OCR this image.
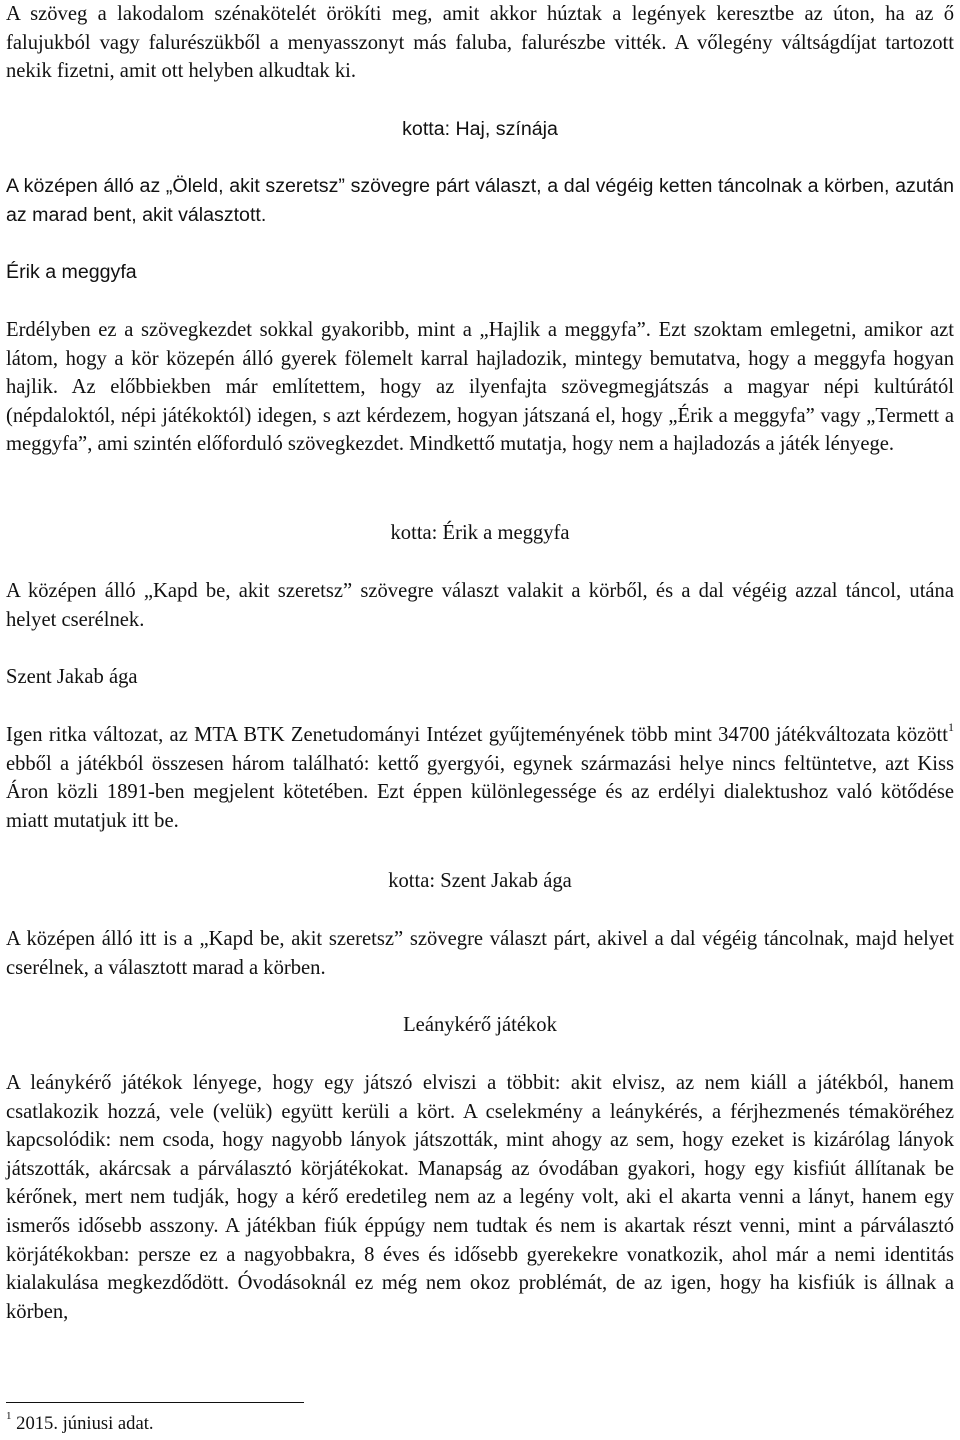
A szöveg a lakodalom szénakötelét örökíti meg, amit akkor húztak a legények keresztbe az úton, ha az ő falujukból vagy falurészükből a menyasszonyt más faluba, falurészbe vitték. A vőlegény váltságdíjat tartozott nekik fizetni, amit ott helyben alkudtak ki.

kotta: Haj, színája

A középen álló az „Öleld, akit szeretsz” szövegre párt választ, a dal végéig ketten táncolnak a körben, azután az marad bent, akit választott.

Érik a meggyfa

Erdélyben ez a szövegkezdet sokkal gyakoribb, mint a „Hajlik a meggyfa”. Ezt szoktam emlegetni, amikor azt látom, hogy a kör közepén álló gyerek fölemelt karral hajladozik, mintegy bemutatva, hogy a meggyfa hogyan hajlik. Az előbbiekben már említettem, hogy az ilyenfajta szövegmegjátszás a magyar népi kultúrától (népdaloktól, népi játékoktól) idegen, s azt kérdezem, hogyan játszaná el, hogy „Érik a meggyfa” vagy „Termett a meggyfa”, ami szintén előforduló szövegkezdet. Mindkettő mutatja, hogy nem a hajladozás a játék lényege.

kotta: Érik a meggyfa

A középen álló „Kapd be, akit szeretsz” szövegre választ valakit a körből, és a dal végéig azzal táncol, utána helyet cserélnek.

Szent Jakab ága

Igen ritka változat, az MTA BTK Zenetudományi Intézet gyűjteményének több mint 34700 játékváltozata között$^1$ ebből a játékból összesen három található: kettő gyergyói, egynek származási helye nincs feltüntetve, azt Kiss Áron közli 1891-ben megjelent kötetében. Ezt éppen különlegessége és az erdélyi dialektushoz való kötődése miatt mutatjuk itt be.

kotta: Szent Jakab ága

A középen álló itt is a „Kapd be, akit szeretsz” szövegre választ párt, akivel a dal végéig táncolnak, majd helyet cserélnek, a választott marad a körben.

Leánykérő játékok

A leánykérő játékok lényege, hogy egy játszó elviszi a többit: akit elvisz, az nem kiáll a játékból, hanem csatlakozik hozzá, vele (velük) együtt kerüli a kört. A cselekmény a leánykérés, a férjhezmenés témaköréhez kapcsolódik: nem csoda, hogy nagyobb lányok játszották, mint ahogy az sem, hogy ezeket is kizárólag lányok játszották, akárcsak a párválasztó körjátékokat. Manapság az óvodában gyakori, hogy egy kisfiút állítanak be kérőnek, mert nem tudják, hogy a kérő eredetileg nem az a legény volt, aki el akarta venni a lányt, hanem egy ismerős idősebb asszony. A játékban fiúk éppúgy nem tudtak és nem is akartak részt venni, mint a párválasztó körjátékokban: persze ez a nagyobbakra, 8 éves és idősebb gyerekekre vonatkozik, ahol már a nemi identitás kialakulása megkezdődött. Óvodásoknál ez még nem okoz problémát, de az igen, hogy ha kisfiúk is állnak a körben,

$^1$ 2015. júniusi adat.
